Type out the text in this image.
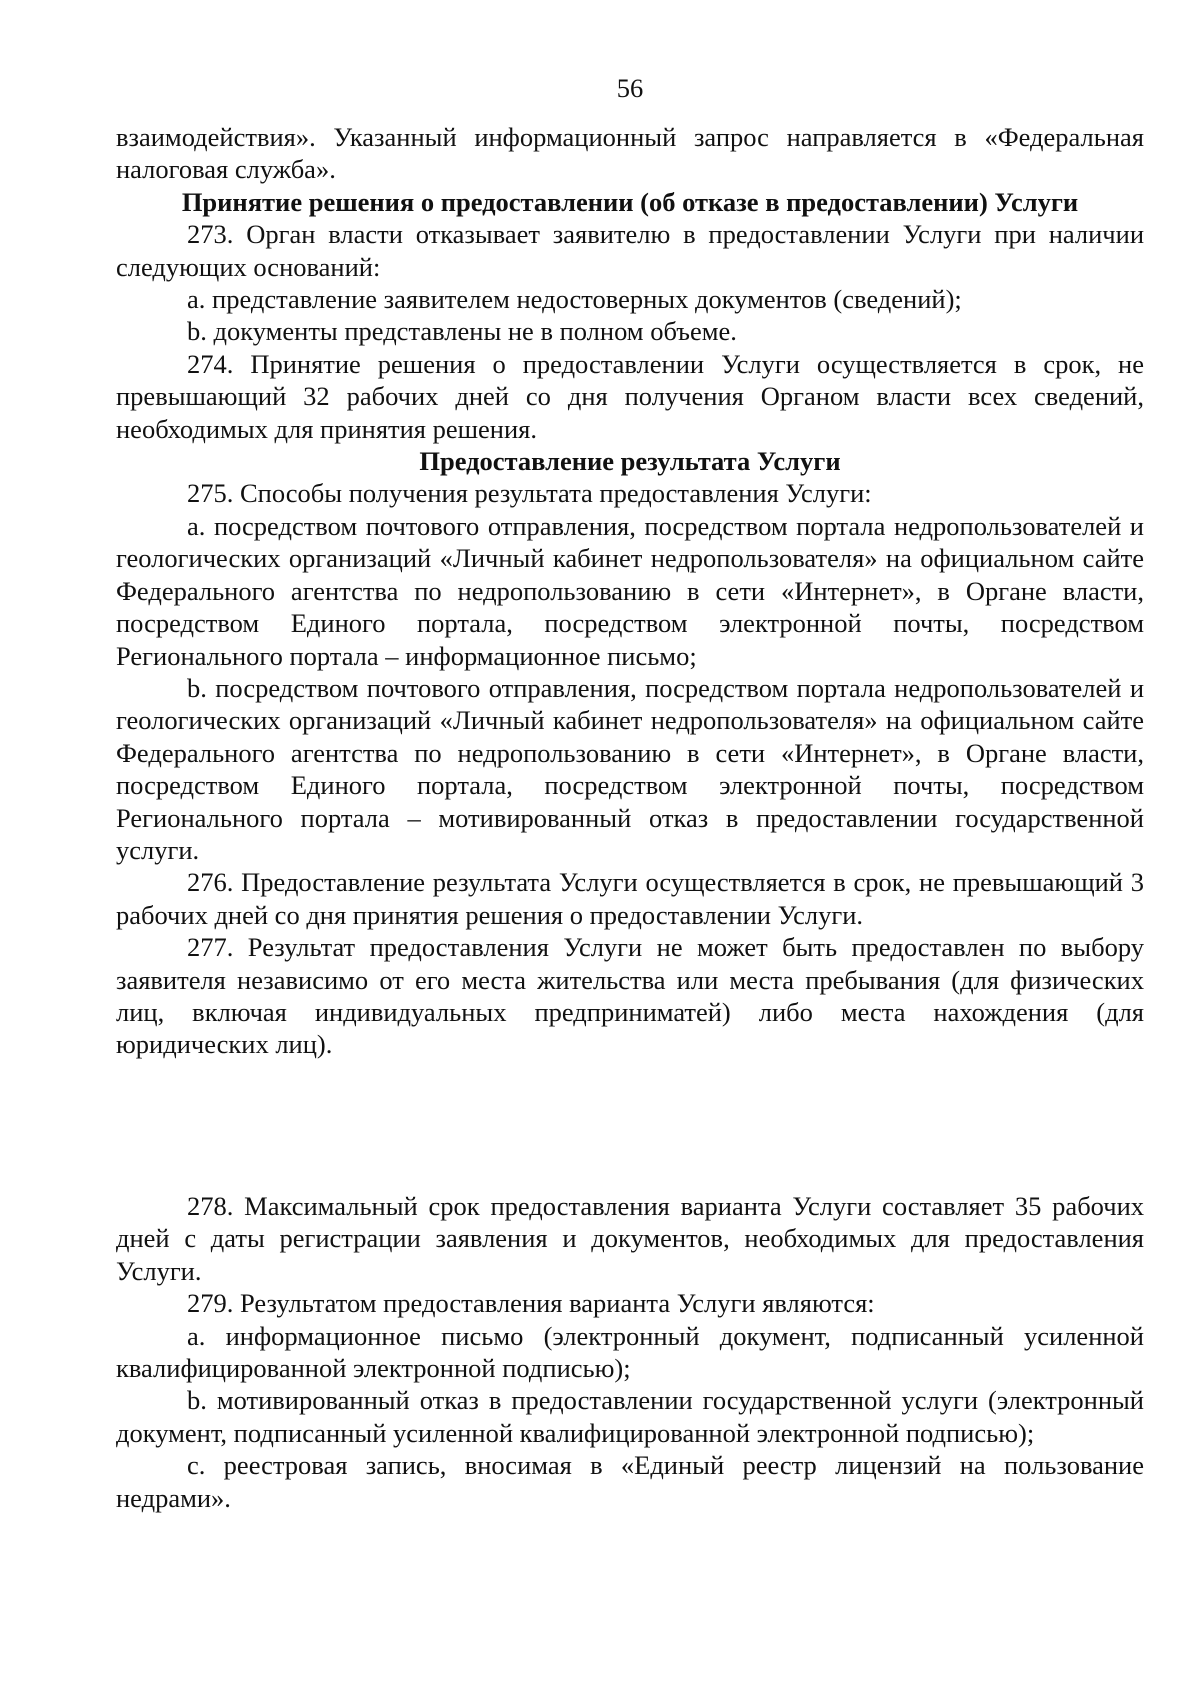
56

взаимодействия». Указанный информационный запрос направляется в «Федеральная налоговая служба».

Принятие решения о предоставлении (об отказе в предоставлении) Услуги

273. Орган власти отказывает заявителю в предоставлении Услуги при наличии следующих оснований:

a. представление заявителем недостоверных документов (сведений);

b. документы представлены не в полном объеме.

274. Принятие решения о предоставлении Услуги осуществляется в срок, не превышающий 32 рабочих дней со дня получения Органом власти всех сведений, необходимых для принятия решения.

Предоставление результата Услуги

275. Способы получения результата предоставления Услуги:

a. посредством почтового отправления, посредством портала недропользователей и геологических организаций «Личный кабинет недропользователя» на официальном сайте Федерального агентства по недропользованию в сети «Интернет», в Органе власти, посредством Единого портала, посредством электронной почты, посредством Регионального портала – информационное письмо;

b. посредством почтового отправления, посредством портала недропользователей и геологических организаций «Личный кабинет недропользователя» на официальном сайте Федерального агентства по недропользованию в сети «Интернет», в Органе власти, посредством Единого портала, посредством электронной почты, посредством Регионального портала – мотивированный отказ в предоставлении государственной услуги.

276. Предоставление результата Услуги осуществляется в срок, не превышающий 3 рабочих дней со дня принятия решения о предоставлении Услуги.

277. Результат предоставления Услуги не может быть предоставлен по выбору заявителя независимо от его места жительства или места пребывания (для физических лиц, включая индивидуальных предприниматей) либо места нахождения (для юридических лиц).

278. Максимальный срок предоставления варианта Услуги составляет 35 рабочих дней с даты регистрации заявления и документов, необходимых для предоставления Услуги.

279. Результатом предоставления варианта Услуги являются:

a. информационное письмо (электронный документ, подписанный усиленной квалифицированной электронной подписью);

b. мотивированный отказ в предоставлении государственной услуги (электронный документ, подписанный усиленной квалифицированной электронной подписью);

c. реестровая запись, вносимая в «Единый реестр лицензий на пользование недрами».
